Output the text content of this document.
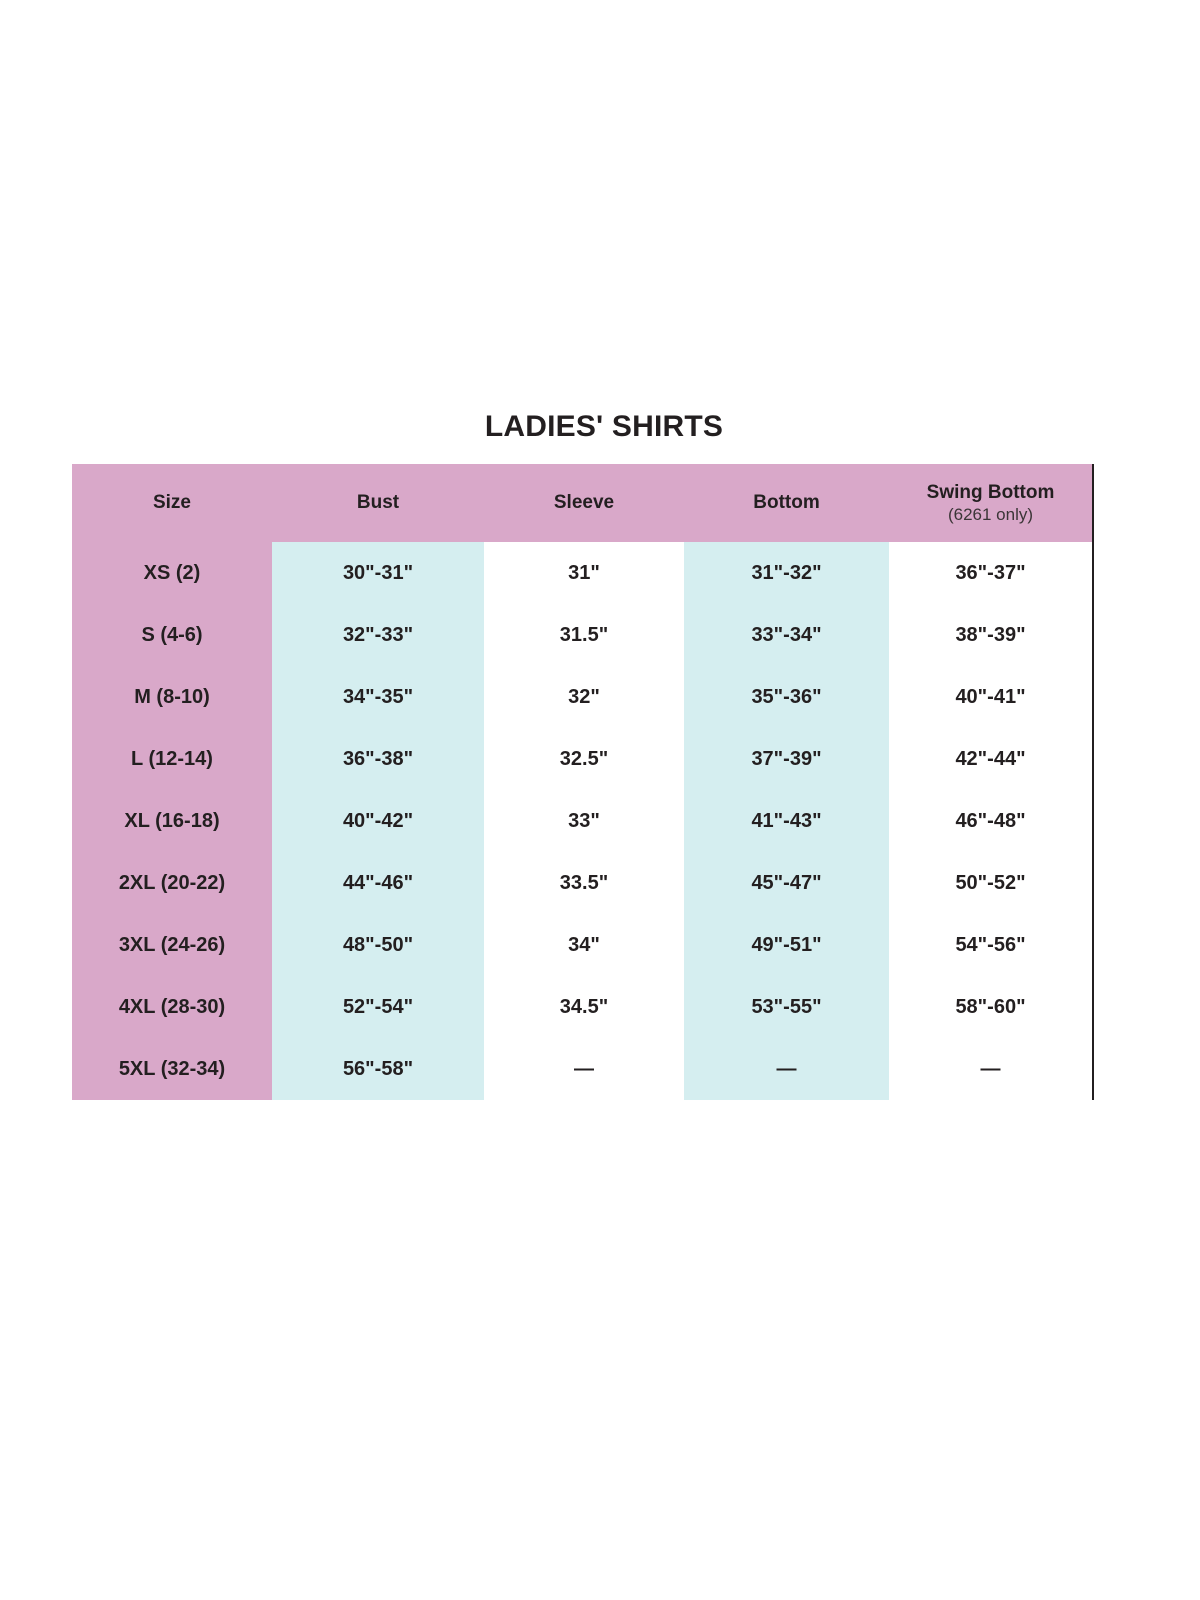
LADIES' SHIRTS
Size	Bust	Sleeve	Bottom	Swing Bottom
(6261 only)

XS (2)	30"-31"	31"	31"-32"	36"-37"
S (4-6)	32"-33"	31.5"	33"-34"	38"-39"
M (8-10)	34"-35"	32"	35"-36"	40"-41"
L (12-14)	36"-38"	32.5"	37"-39"	42"-44"
XL (16-18)	40"-42"	33"	41"-43"	46"-48"
2XL (20-22)	44"-46"	33.5"	45"-47"	50"-52"
3XL (24-26)	48"-50"	34"	49"-51"	54"-56"
4XL (28-30)	52"-54"	34.5"	53"-55"	58"-60"
5XL (32-34)	56"-58"	—	—	—
